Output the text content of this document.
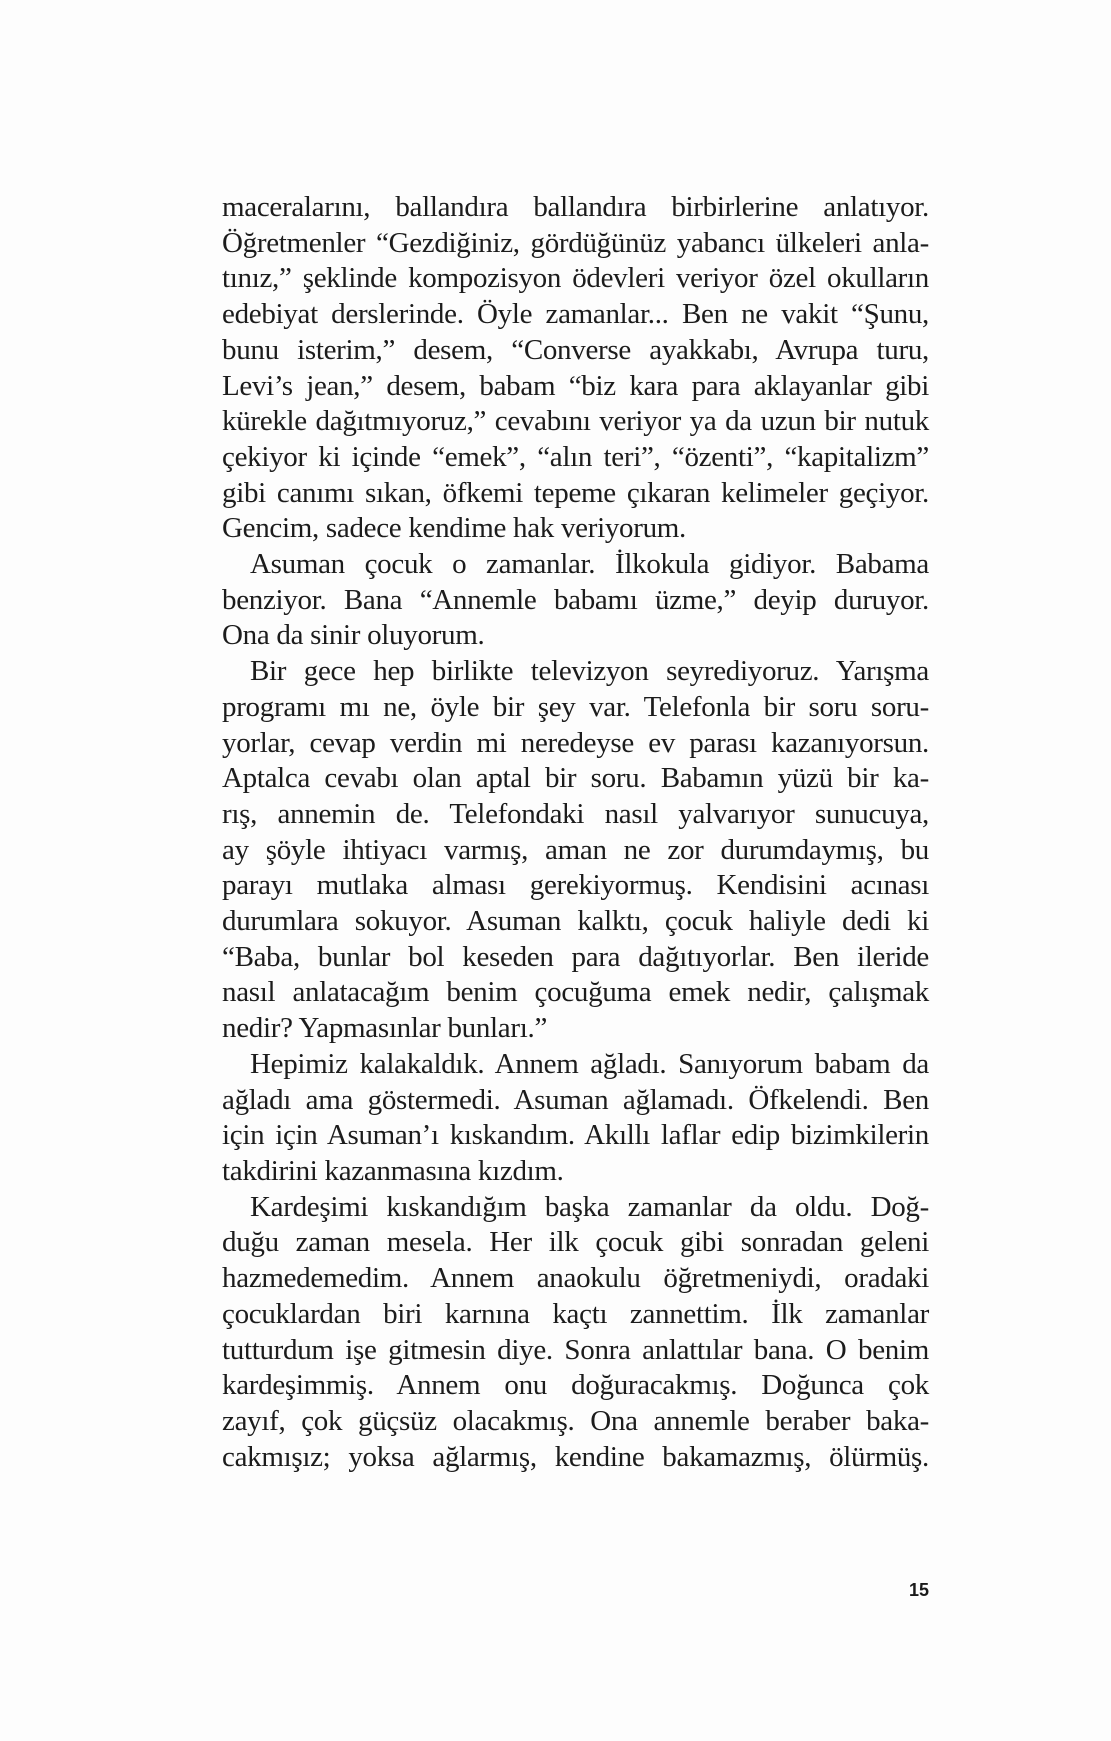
maceralarını, ballandıra ballandıra birbirlerine anlatıyor.
Öğretmenler “Gezdiğiniz, gördüğünüz yabancı ülkeleri anla-
tınız,” şeklinde kompozisyon ödevleri veriyor özel okulların
edebiyat derslerinde. Öyle zamanlar... Ben ne vakit “Şunu,
bunu isterim,” desem, “Converse ayakkabı, Avrupa turu,
Levi’s jean,” desem, babam “biz kara para aklayanlar gibi
kürekle dağıtmıyoruz,” cevabını veriyor ya da uzun bir nutuk
çekiyor ki içinde “emek”, “alın teri”, “özenti”, “kapitalizm”
gibi canımı sıkan, öfkemi tepeme çıkaran kelimeler geçiyor.
Gencim, sadece kendime hak veriyorum.
Asuman çocuk o zamanlar. İlkokula gidiyor. Babama
benziyor. Bana “Annemle babamı üzme,” deyip duruyor.
Ona da sinir oluyorum.
Bir gece hep birlikte televizyon seyrediyoruz. Yarışma
programı mı ne, öyle bir şey var. Telefonla bir soru soru-
yorlar, cevap verdin mi neredeyse ev parası kazanıyorsun.
Aptalca cevabı olan aptal bir soru. Babamın yüzü bir ka-
rış, annemin de. Telefondaki nasıl yalvarıyor sunucuya,
ay şöyle ihtiyacı varmış, aman ne zor durumdaymış, bu
parayı mutlaka alması gerekiyormuş. Kendisini acınası
durumlara sokuyor. Asuman kalktı, çocuk haliyle dedi ki
“Baba, bunlar bol keseden para dağıtıyorlar. Ben ileride
nasıl anlatacağım benim çocuğuma emek nedir, çalışmak
nedir? Yapmasınlar bunları.”
Hepimiz kalakaldık. Annem ağladı. Sanıyorum babam da
ağladı ama göstermedi. Asuman ağlamadı. Öfkelendi. Ben
için için Asuman’ı kıskandım. Akıllı laflar edip bizimkilerin
takdirini kazanmasına kızdım.
Kardeşimi kıskandığım başka zamanlar da oldu. Doğ-
duğu zaman mesela. Her ilk çocuk gibi sonradan geleni
hazmedemedim. Annem anaokulu öğretmeniydi, oradaki
çocuklardan biri karnına kaçtı zannettim. İlk zamanlar
tutturdum işe gitmesin diye. Sonra anlattılar bana. O benim
kardeşimmiş. Annem onu doğuracakmış. Doğunca çok
zayıf, çok güçsüz olacakmış. Ona annemle beraber baka-
cakmışız; yoksa ağlarmış, kendine bakamazmış, ölürmüş.
15
